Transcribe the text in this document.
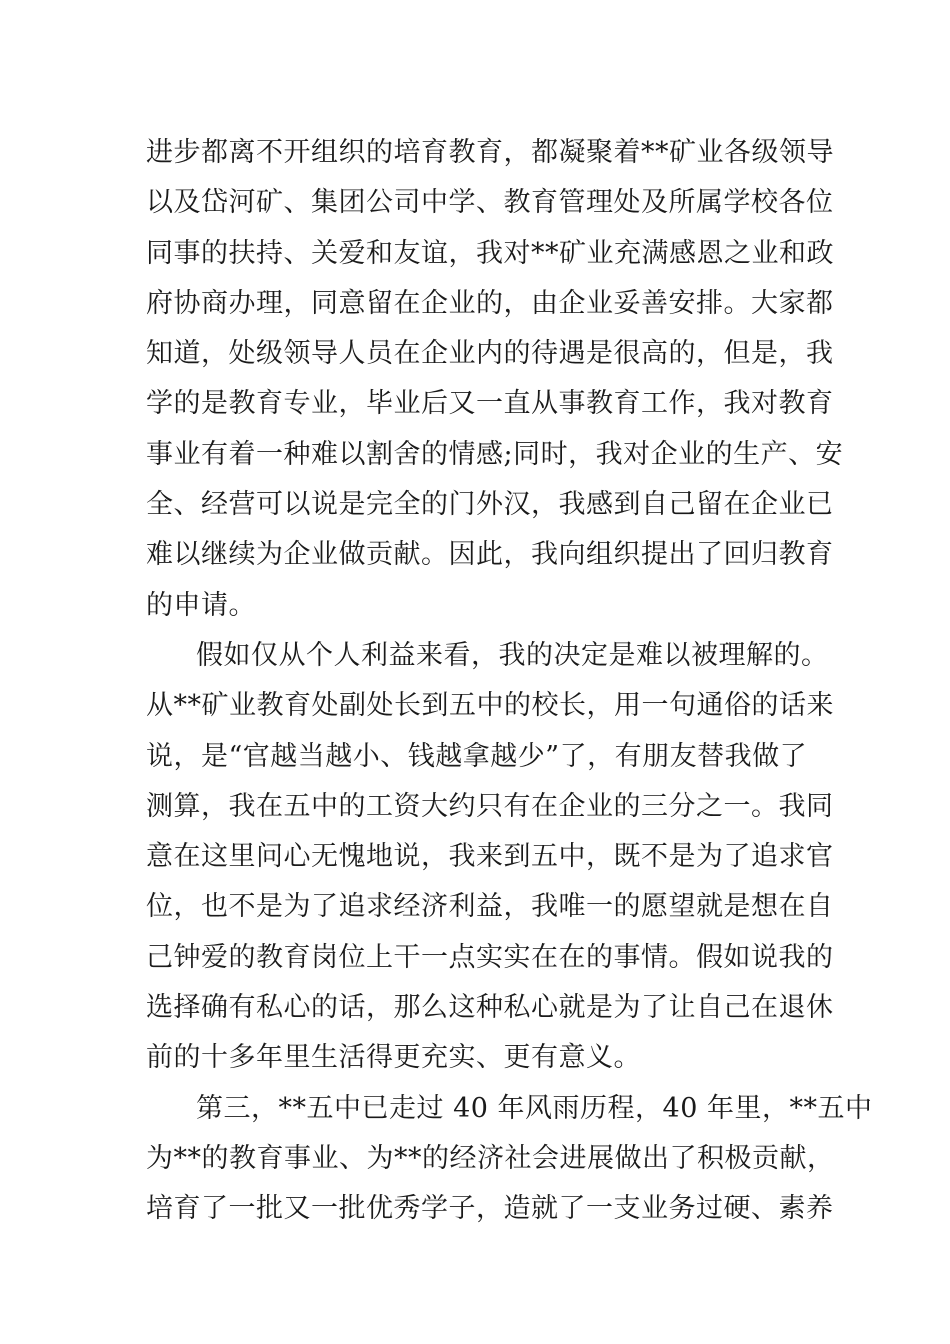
进步都离不开组织的培育教育，都凝聚着**矿业各级领导
以及岱河矿、集团公司中学、教育管理处及所属学校各位
同事的扶持、关爱和友谊，我对**矿业充满感恩之业和政
府协商办理，同意留在企业的，由企业妥善安排。大家都
知道，处级领导人员在企业内的待遇是很高的，但是，我
学的是教育专业，毕业后又一直从事教育工作，我对教育
事业有着一种难以割舍的情感;同时，我对企业的生产、安
全、经营可以说是完全的门外汉，我感到自己留在企业已
难以继续为企业做贡献。因此，我向组织提出了回归教育
的申请。
假如仅从个人利益来看，我的决定是难以被理解的。
从**矿业教育处副处长到五中的校长，用一句通俗的话来
说，是“官越当越小、钱越拿越少”了，有朋友替我做了
测算，我在五中的工资大约只有在企业的三分之一。我同
意在这里问心无愧地说，我来到五中，既不是为了追求官
位，也不是为了追求经济利益，我唯一的愿望就是想在自
己钟爱的教育岗位上干一点实实在在的事情。假如说我的
选择确有私心的话，那么这种私心就是为了让自己在退休
前的十多年里生活得更充实、更有意义。
第三，**五中已走过 40 年风雨历程，40 年里，**五中
为**的教育事业、为**的经济社会进展做出了积极贡献，
培育了一批又一批优秀学子，造就了一支业务过硬、素养
